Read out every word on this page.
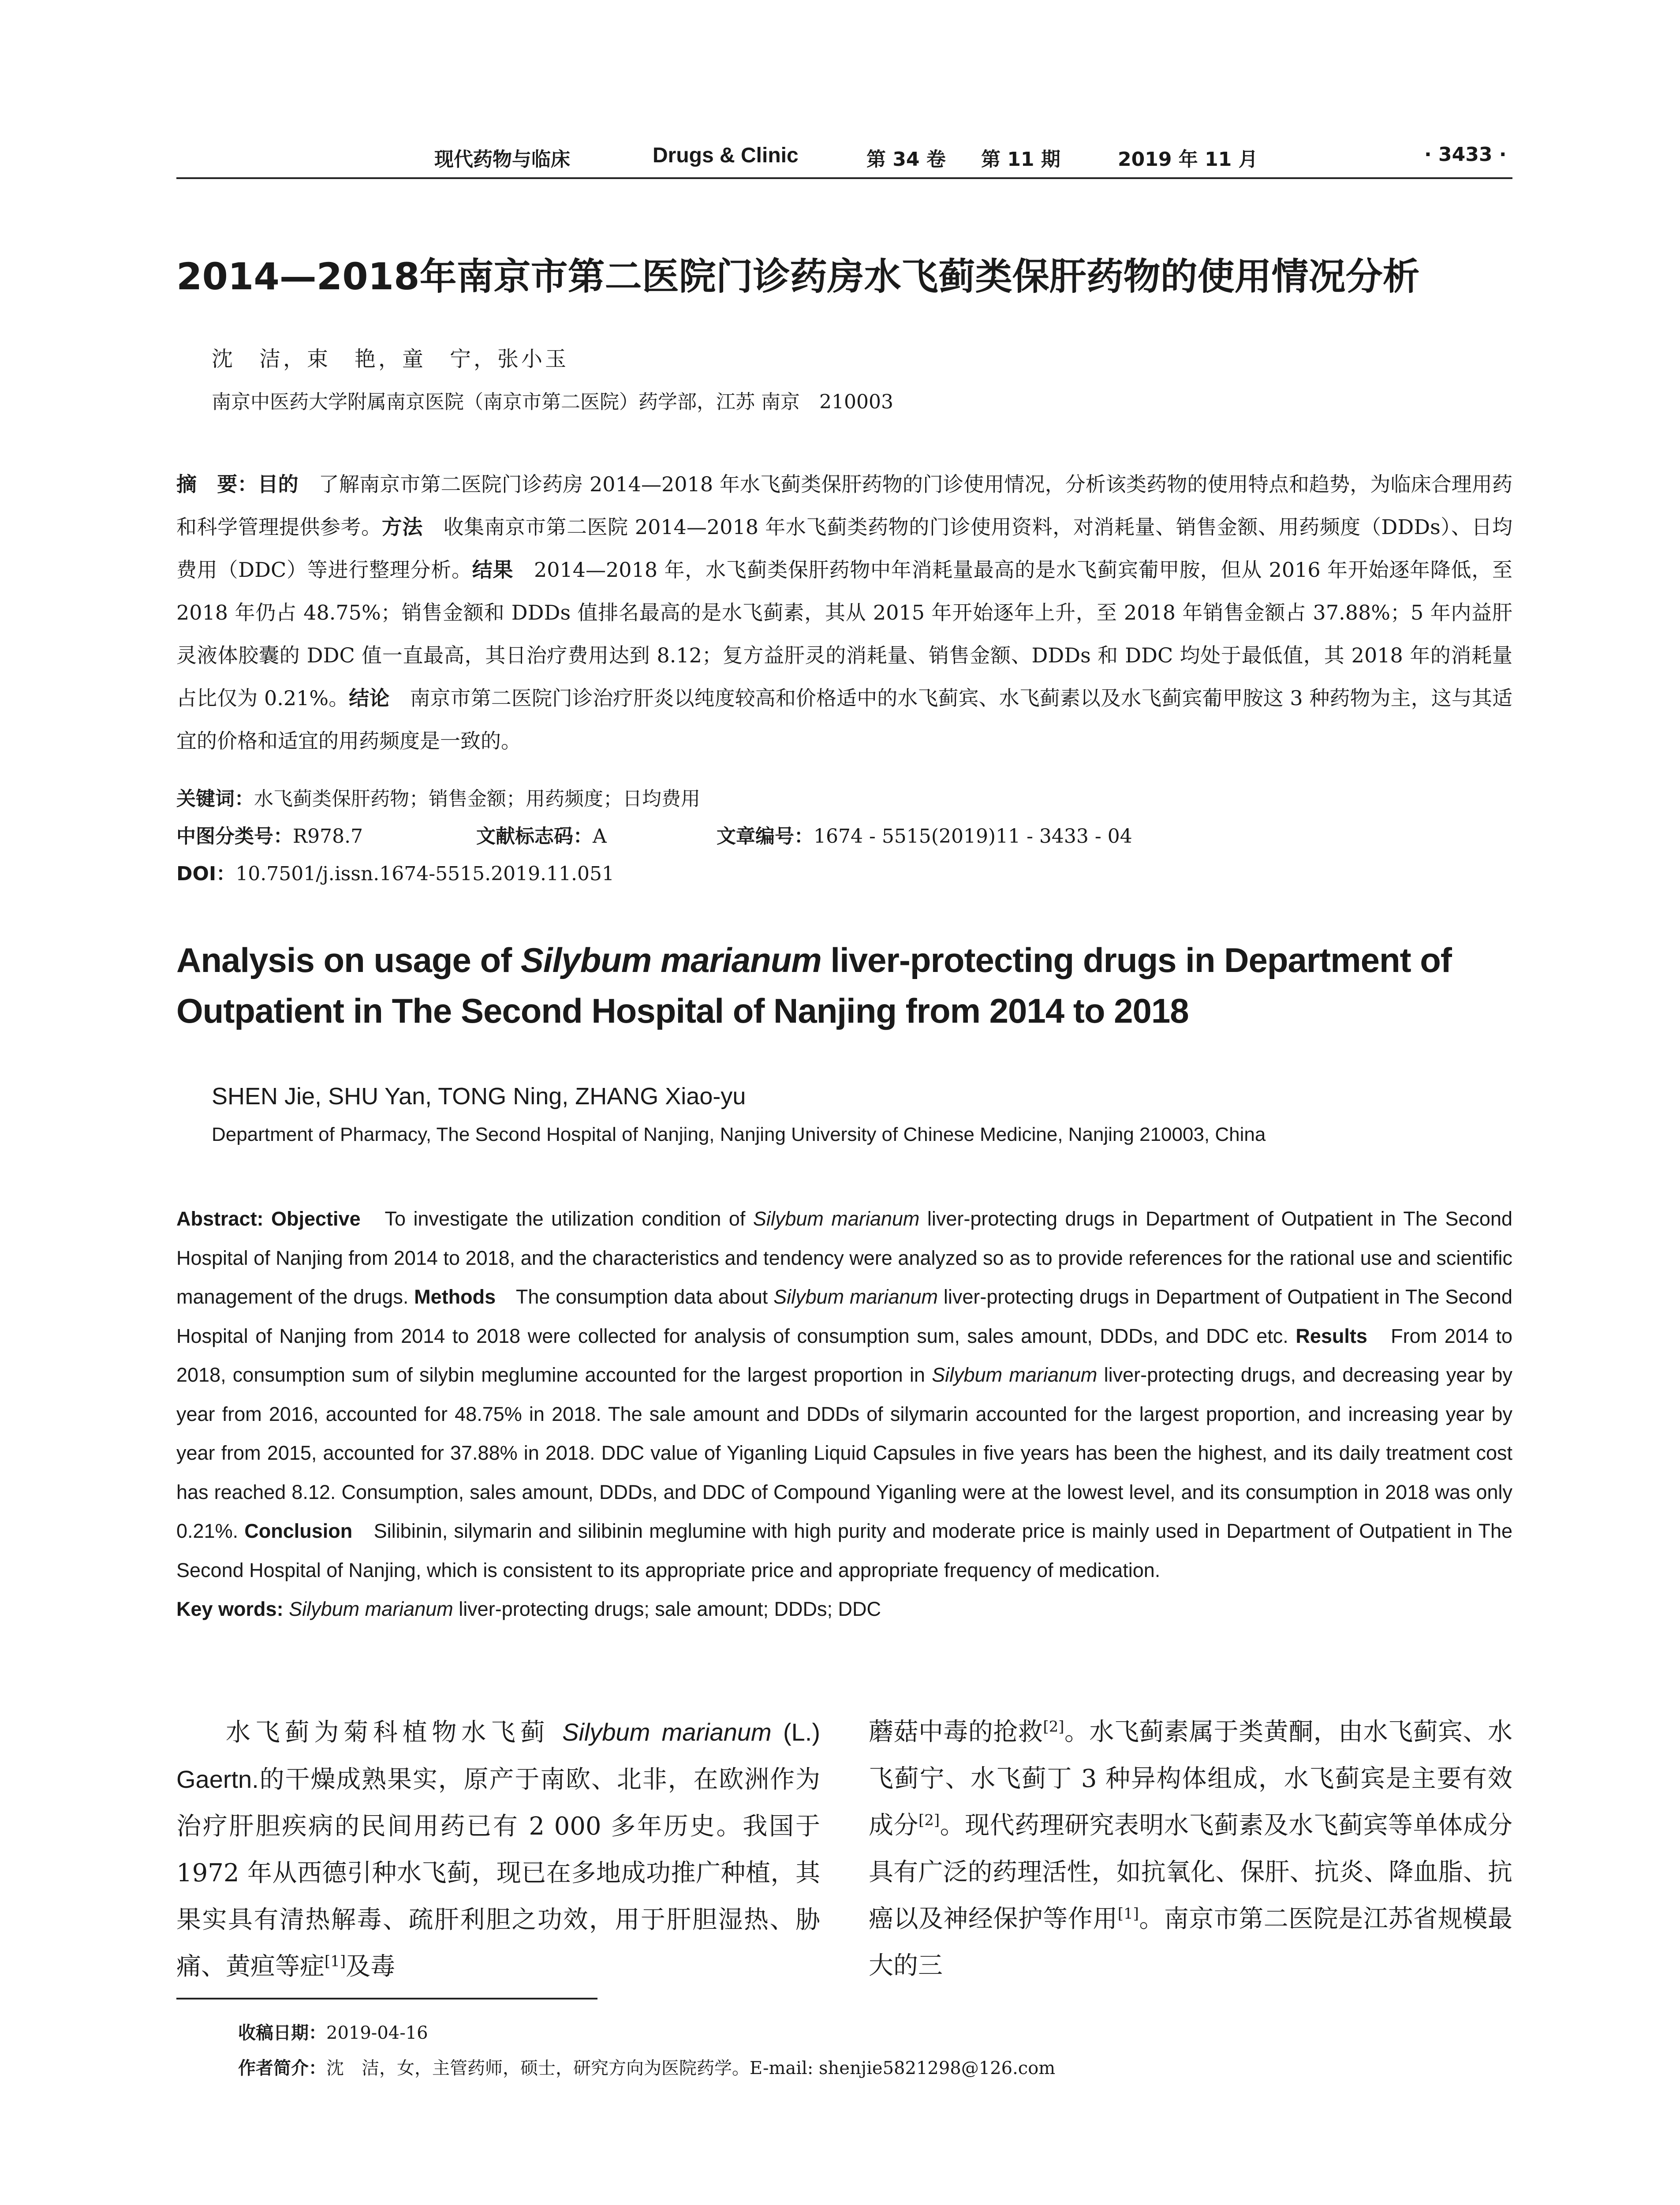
现代药物与临床	Drugs & Clinic	第 34 卷 第 11 期	2019 年 11 月	· 3433 ·
2014—2018年南京市第二医院门诊药房水飞蓟类保肝药物的使用情况分析
沈　洁，束　艳，童　宁，张小玉
南京中医药大学附属南京医院（南京市第二医院）药学部，江苏 南京　210003
摘　要：目的　了解南京市第二医院门诊药房 2014—2018 年水飞蓟类保肝药物的门诊使用情况，分析该类药物的使用特点和趋势，为临床合理用药和科学管理提供参考。方法　收集南京市第二医院 2014—2018 年水飞蓟类药物的门诊使用资料，对消耗量、销售金额、用药频度（DDDs）、日均费用（DDC）等进行整理分析。结果　2014—2018 年，水飞蓟类保肝药物中年消耗量最高的是水飞蓟宾葡甲胺，但从 2016 年开始逐年降低，至 2018 年仍占 48.75%；销售金额和 DDDs 值排名最高的是水飞蓟素，其从 2015 年开始逐年上升，至 2018 年销售金额占 37.88%；5 年内益肝灵液体胶囊的 DDC 值一直最高，其日治疗费用达到 8.12；复方益肝灵的消耗量、销售金额、DDDs 和 DDC 均处于最低值，其 2018 年的消耗量占比仅为 0.21%。结论　南京市第二医院门诊治疗肝炎以纯度较高和价格适中的水飞蓟宾、水飞蓟素以及水飞蓟宾葡甲胺这 3 种药物为主，这与其适宜的价格和适宜的用药频度是一致的。
关键词：水飞蓟类保肝药物；销售金额；用药频度；日均费用
中图分类号：R978.7	文献标志码：A	文章编号：1674 - 5515(2019)11 - 3433 - 04
DOI：10.7501/j.issn.1674-5515.2019.11.051
Analysis on usage of Silybum marianum liver-protecting drugs in Department of Outpatient in The Second Hospital of Nanjing from 2014 to 2018
SHEN Jie, SHU Yan, TONG Ning, ZHANG Xiao-yu
Department of Pharmacy, The Second Hospital of Nanjing, Nanjing University of Chinese Medicine, Nanjing 210003, China
Abstract: Objective　To investigate the utilization condition of Silybum marianum liver-protecting drugs in Department of Outpatient in The Second Hospital of Nanjing from 2014 to 2018, and the characteristics and tendency were analyzed so as to provide references for the rational use and scientific management of the drugs. Methods　The consumption data about Silybum marianum liver-protecting drugs in Department of Outpatient in The Second Hospital of Nanjing from 2014 to 2018 were collected for analysis of consumption sum, sales amount, DDDs, and DDC etc. Results　From 2014 to 2018, consumption sum of silybin meglumine accounted for the largest proportion in Silybum marianum liver-protecting drugs, and decreasing year by year from 2016, accounted for 48.75% in 2018. The sale amount and DDDs of silymarin accounted for the largest proportion, and increasing year by year from 2015, accounted for 37.88% in 2018. DDC value of Yiganling Liquid Capsules in five years has been the highest, and its daily treatment cost has reached 8.12. Consumption, sales amount, DDDs, and DDC of Compound Yiganling were at the lowest level, and its consumption in 2018 was only 0.21%. Conclusion　Silibinin, silymarin and silibinin meglumine with high purity and moderate price is mainly used in Department of Outpatient in The Second Hospital of Nanjing, which is consistent to its appropriate price and appropriate frequency of medication.
Key words: Silybum marianum liver-protecting drugs; sale amount; DDDs; DDC
水飞蓟为菊科植物水飞蓟 Silybum marianum (L.) Gaertn.的干燥成熟果实，原产于南欧、北非，在欧洲作为治疗肝胆疾病的民间用药已有 2 000 多年历史。我国于 1972 年从西德引种水飞蓟，现已在多地成功推广种植，其果实具有清热解毒、疏肝利胆之功效，用于肝胆湿热、胁痛、黄疸等症[1]及毒
蘑菇中毒的抢救[2]。水飞蓟素属于类黄酮，由水飞蓟宾、水飞蓟宁、水飞蓟丁 3 种异构体组成，水飞蓟宾是主要有效成分[2]。现代药理研究表明水飞蓟素及水飞蓟宾等单体成分具有广泛的药理活性，如抗氧化、保肝、抗炎、降血脂、抗癌以及神经保护等作用[1]。南京市第二医院是江苏省规模最大的三
收稿日期：2019-04-16
作者简介：沈　洁，女，主管药师，硕士，研究方向为医院药学。E-mail: shenjie5821298@126.com
